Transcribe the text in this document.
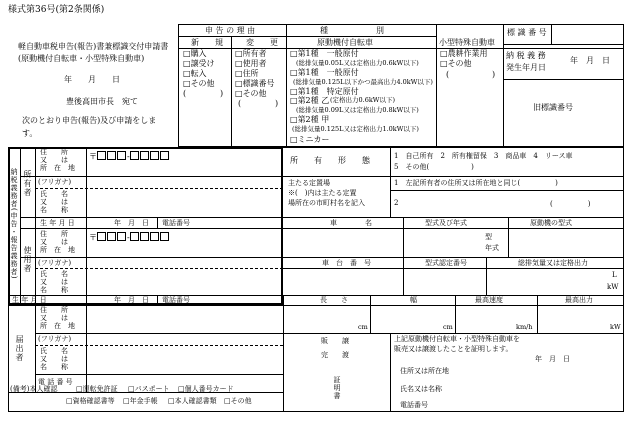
様式第36号(第2条関係)
軽自動車税申告(報告)書兼標識交付申請書
(原動機付自転車・小型特殊自動車)
年　　月　　日
豊後高田市長　宛て
次のとおり申告(報告)及び申請をしま
す。
申 告 の 理 由
新　　規	変　　更
□ 購入
□ 譲受け
□ 転入
□ その他
(	)
□ 所有者
□ 使用者
□ 住所
□ 標識番号
□ その他
(	)
種　　　　　　別
原動機付自転車	小型特殊自動車
□ 第1種　一般原付
(総排気量0.05L又は定格出力0.6kW以下)
□ 第1種　一般原付
(総排気量0.125L以下かつ最高出力4.0kW以下)
□ 第1種　特定原付
(定格出力0.6kW以下)
□ 第2種 乙
(総排気量0.09L又は定格出力0.8kW以下)
□ 第2種 甲
(総排気量0.125L又は定格出力1.0kW以下)
□ ミニカー
□ 農耕作業用
□ その他
(	)
標 識 番 号
納 税 義 務
発生年月日
年　月　日
旧標識番号
納税義務者(申告・報告義務者) 所有者
使用者
住　　所
又　　は
所　在　地
〒	-
(フリガナ)
氏　　名
又　　は
名　　称
生 年 月 日	年　月　日 電話番号
住　　所
又　　は
所　在　地
〒	-
(フリガナ)
氏　　名
又　　は
名　　称
生 年 月 日	年　月　日 電話番号
所　　有　　形　　態	1　自己所有　2　所有権留保　3　商品車　4　リース車
5　その他(　　　　　　)
主たる定置場
※(　)内は主たる定置
場所在の市町村名を記入
1　左記所有者の住所又は所在地と同じ(　　　　　)
2	(　　　　　)
車　　　　名	型式及び年式	原動機の型式
型
年式
車　台　番　号	型式認定番号	総排気量又は定格出力
L
kW
長　　さ	幅	最高速度	最高出力
cm	cm	km/h	kW
届出者
住　　所
又　　は
所　在　地
(フリガナ)
氏　　名
又　　は
名　　称
電 話 番 号
(備考)本人確認 □	運転免許証 □	パスポート □	個人番号カード
□ 資格確認書等 □	年金手帳 □	本人確認書類 □	その他
販　　譲
完　　渡
証明書
上記原動機付自転車・小型特殊自動車を
販売又は譲渡したことを証明します。
年　月　日
住所又は所在地
氏名又は名称
電話番号
